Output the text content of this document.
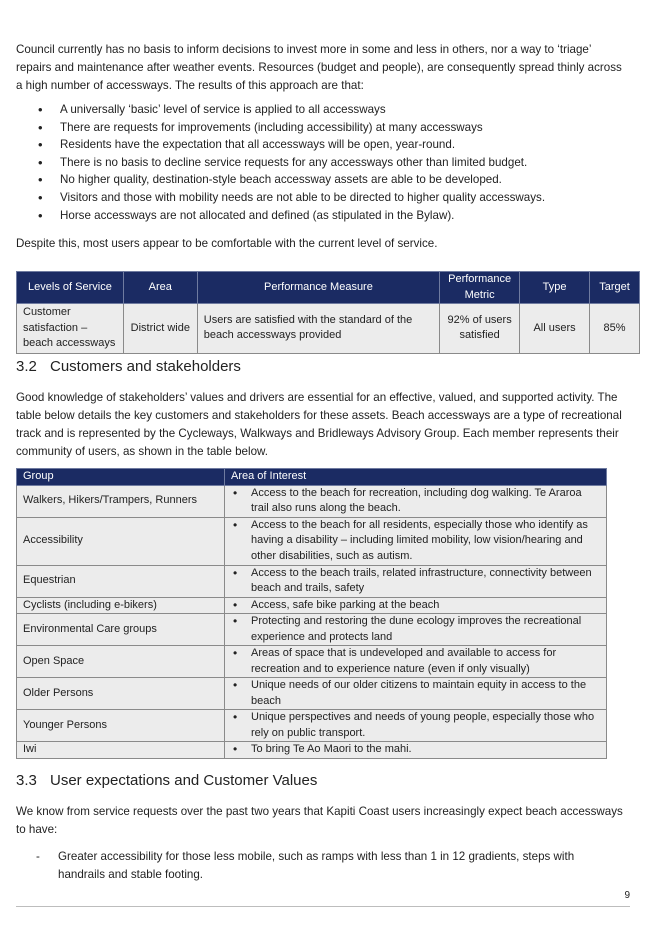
Council currently has no basis to inform decisions to invest more in some and less in others, nor a way to ‘triage’ repairs and maintenance after weather events. Resources (budget and people), are consequently spread thinly across a high number of accessways. The results of this approach are that:

• A universally ‘basic’ level of service is applied to all accessways
• There are requests for improvements (including accessibility) at many accessways
• Residents have the expectation that all accessways will be open, year-round.
• There is no basis to decline service requests for any accessways other than limited budget.
• No higher quality, destination-style beach accessway assets are able to be developed.
• Visitors and those with mobility needs are not able to be directed to higher quality accessways.
• Horse accessways are not allocated and defined (as stipulated in the Bylaw).

Despite this, most users appear to be comfortable with the current level of service.

Levels of Service	Area	Performance Measure	Performance Metric	Type	Target
Customer satisfaction – beach accessways	District wide	Users are satisfied with the standard of the beach accessways provided	92% of users satisfied	All users	85%
3.2 Customers and stakeholders

Good knowledge of stakeholders’ values and drivers are essential for an effective, valued, and supported activity. The table below details the key customers and stakeholders for these assets. Beach accessways are a type of recreational track and is represented by the Cycleways, Walkways and Bridleways Advisory Group. Each member represents their community of users, as shown in the table below.

Group	Area of Interest
Walkers, Hikers/Trampers, Runners	• Access to the beach for recreation, including dog walking. Te Araroa trail also runs along the beach.
Accessibility	• Access to the beach for all residents, especially those who identify as having a disability – including limited mobility, low vision/hearing and other disabilities, such as autism.
Equestrian	• Access to the beach trails, related infrastructure, connectivity between beach and trails, safety
Cyclists (including e-bikers)	• Access, safe bike parking at the beach
Environmental Care groups	• Protecting and restoring the dune ecology improves the recreational experience and protects land
Open Space	• Areas of space that is undeveloped and available to access for recreation and to experience nature (even if only visually)
Older Persons	• Unique needs of our older citizens to maintain equity in access to the beach
Younger Persons	• Unique perspectives and needs of young people, especially those who rely on public transport.
Iwi	• To bring Te Ao Maori to the mahi.
3.3 User expectations and Customer Values

We know from service requests over the past two years that Kapiti Coast users increasingly expect beach accessways to have:

- Greater accessibility for those less mobile, such as ramps with less than 1 in 12 gradients, steps with handrails and stable footing.
9
